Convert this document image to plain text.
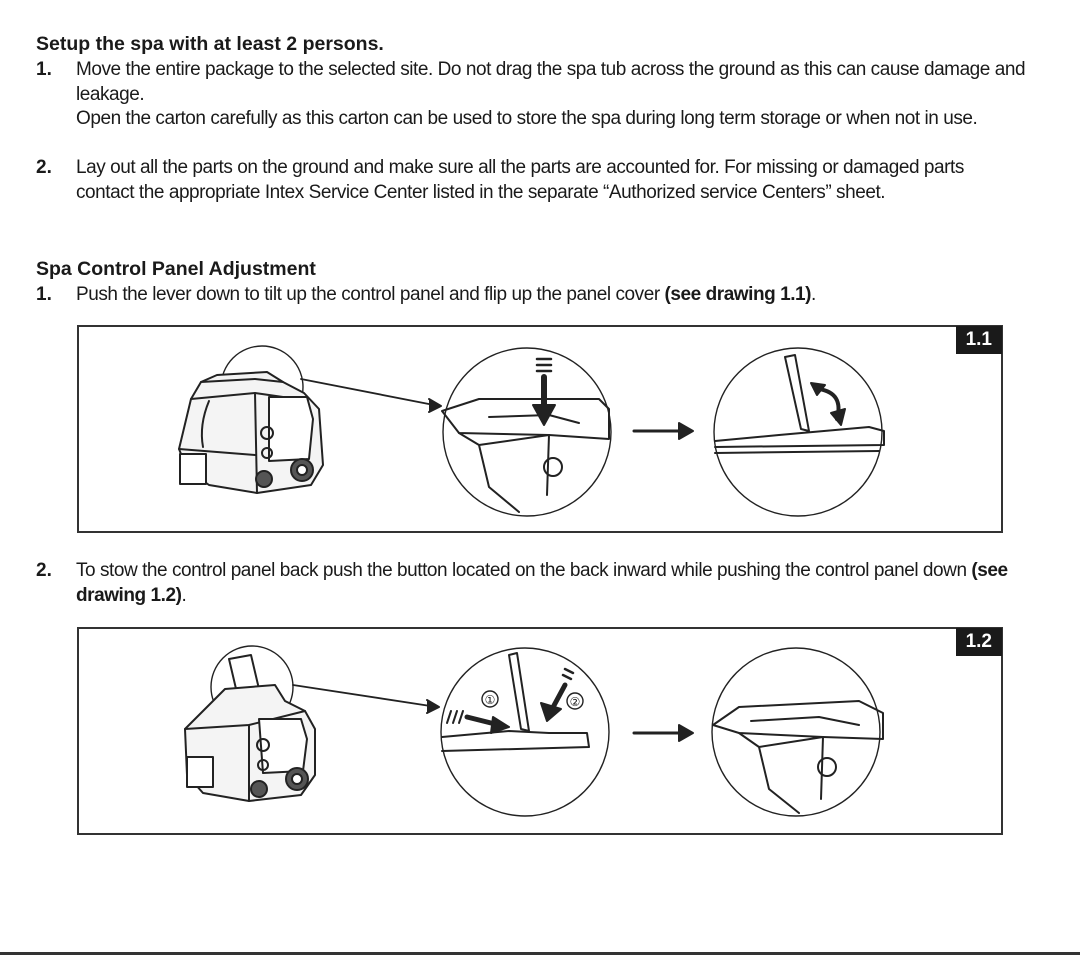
Setup the spa with at least 2 persons.
1. Move the entire package to the selected site. Do not drag the spa tub across the ground as this can cause damage and leakage.

Open the carton carefully as this carton can be used to store the spa during long term storage or when not in use.

2. Lay out all the parts on the ground and make sure all the parts are accounted for. For missing or damaged parts contact the appropriate Intex Service Center listed in the separate “Authorized service Centers” sheet.

Spa Control Panel Adjustment
1. Push the lever down to tilt up the control panel and flip up the panel cover (see drawing 1.1).

1.1
2. To stow the control panel back push the button located on the back inward while pushing the control panel down (see drawing 1.2).

1.2
①	②
